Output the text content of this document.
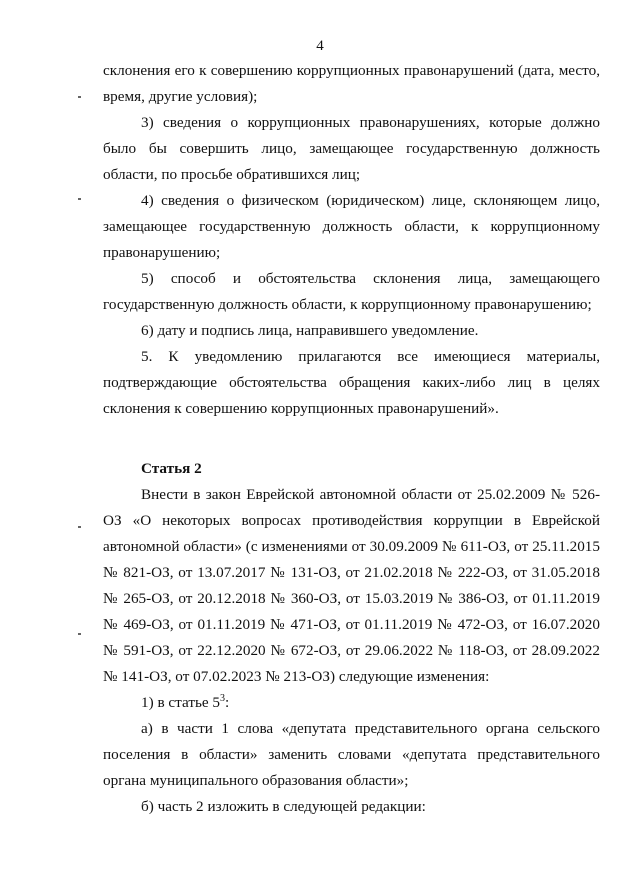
4

склонения его к совершению коррупционных правонарушений (дата, место, время, другие условия);

3) сведения о коррупционных правонарушениях, которые должно было бы совершить лицо, замещающее государственную должность области, по просьбе обратившихся лиц;

4) сведения о физическом (юридическом) лице, склоняющем лицо, замещающее государственную должность области, к коррупционному правонарушению;

5) способ и обстоятельства склонения лица, замещающего государственную должность области, к коррупционному правонарушению;

6) дату и подпись лица, направившего уведомление.

5. К уведомлению прилагаются все имеющиеся материалы, подтверждающие обстоятельства обращения каких-либо лиц в целях склонения к совершению коррупционных правонарушений».

Статья 2

Внести в закон Еврейской автономной области от 25.02.2009 № 526-ОЗ «О некоторых вопросах противодействия коррупции в Еврейской автономной области» (с изменениями от 30.09.2009 № 611-ОЗ, от 25.11.2015 № 821-ОЗ, от 13.07.2017 № 131-ОЗ, от 21.02.2018 № 222-ОЗ, от 31.05.2018 № 265-ОЗ, от 20.12.2018 № 360-ОЗ, от 15.03.2019 № 386-ОЗ, от 01.11.2019 № 469-ОЗ, от 01.11.2019 № 471-ОЗ, от 01.11.2019 № 472-ОЗ, от 16.07.2020 № 591-ОЗ, от 22.12.2020 № 672-ОЗ, от 29.06.2022 № 118-ОЗ, от 28.09.2022 № 141-ОЗ, от 07.02.2023 № 213-ОЗ) следующие изменения:

1) в статье $5^3$:

а) в части 1 слова «депутата представительного органа сельского поселения в области» заменить словами «депутата представительного органа муниципального образования области»;

б) часть 2 изложить в следующей редакции:
